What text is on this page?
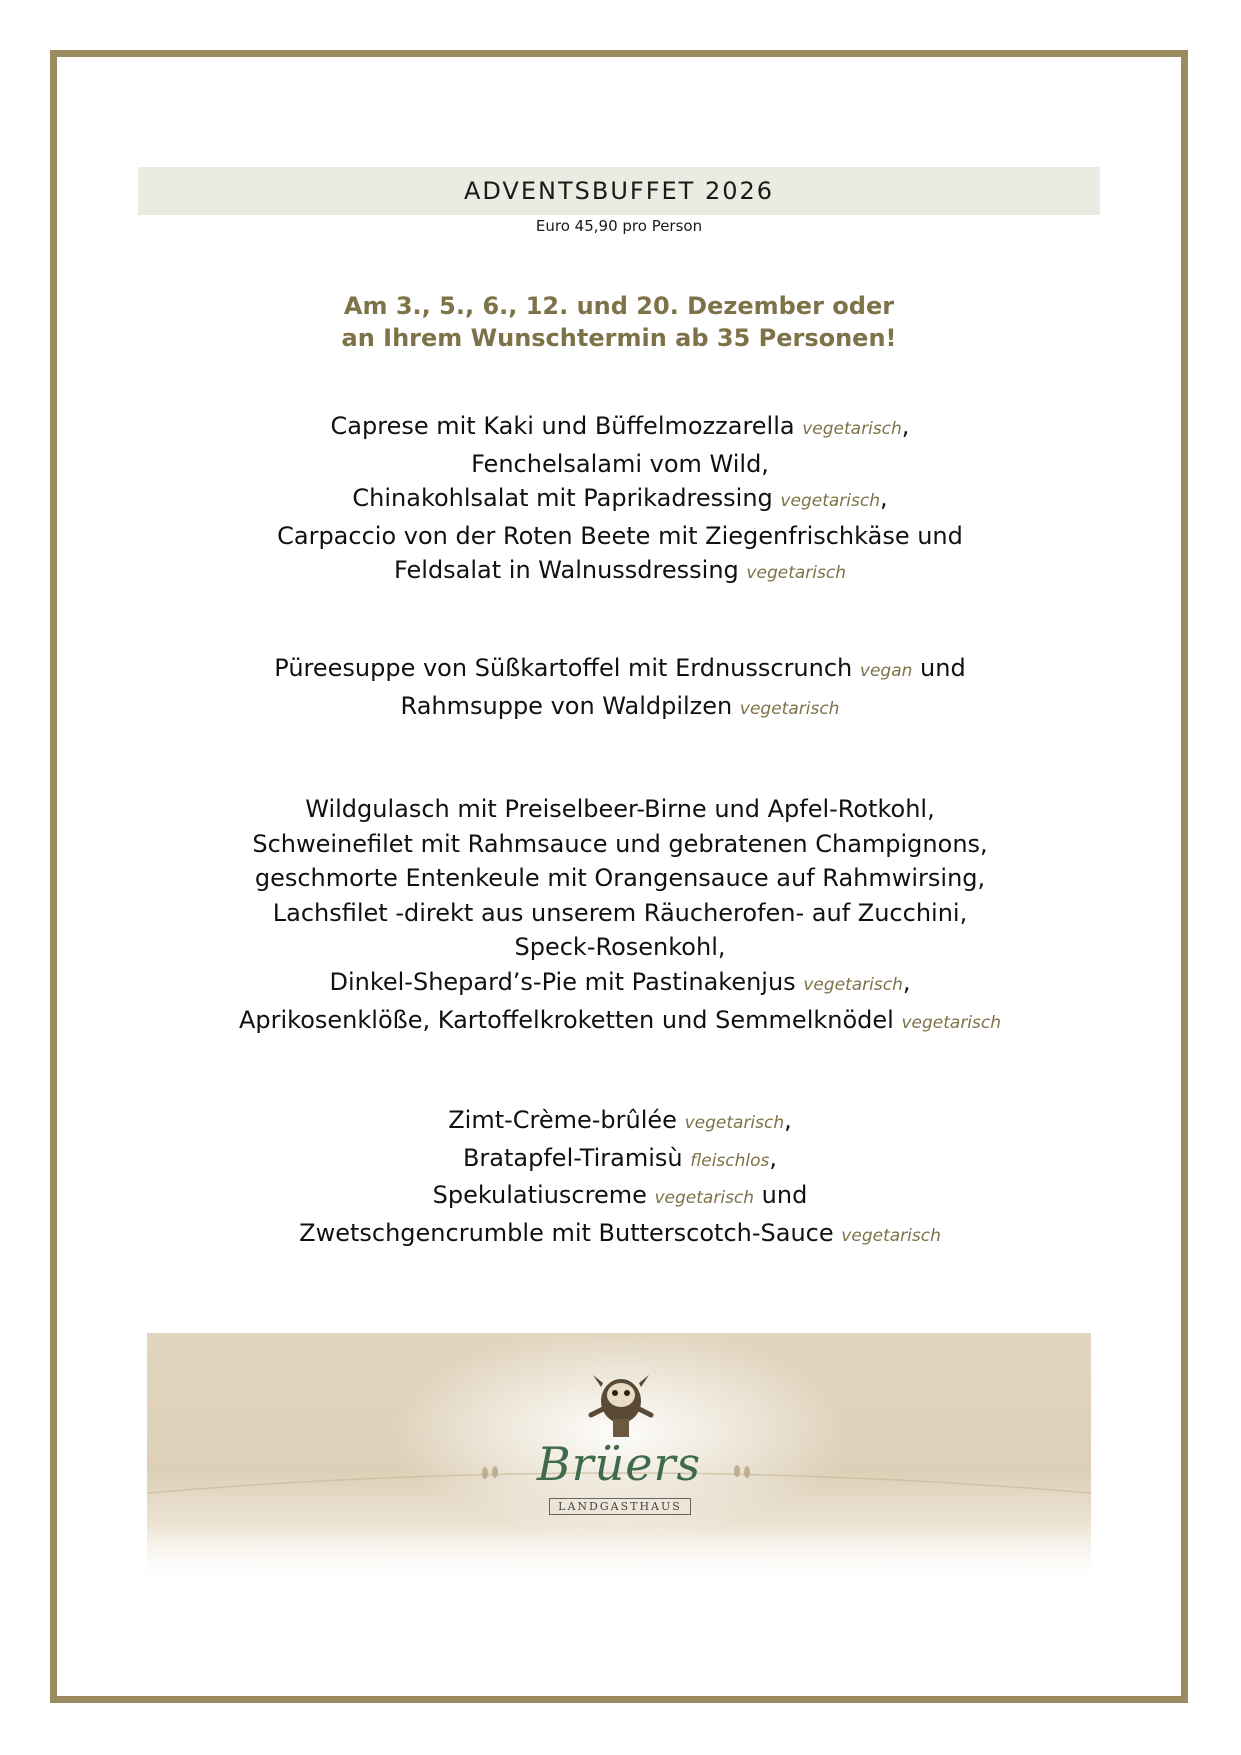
ADVENTSBUFFET 2026
Euro 45,90 pro Person
Am 3., 5., 6., 12. und 20. Dezember oder
an Ihrem Wunschtermin ab 35 Personen!
Caprese mit Kaki und Büffelmozzarella vegetarisch,
Fenchelsalami vom Wild,
Chinakohlsalat mit Paprikadressing vegetarisch,
Carpaccio von der Roten Beete mit Ziegenfrischkäse und
Feldsalat in Walnussdressing vegetarisch
Püreesuppe von Süßkartoffel mit Erdnusscrunch vegan und
Rahmsuppe von Waldpilzen vegetarisch
Wildgulasch mit Preiselbeer-Birne und Apfel-Rotkohl,
Schweinefilet mit Rahmsauce und gebratenen Champignons,
geschmorte Entenkeule mit Orangensauce auf Rahmwirsing,
Lachsfilet -direkt aus unserem Räucherofen- auf Zucchini,
Speck-Rosenkohl,
Dinkel-Shepard’s-Pie mit Pastinakenjus vegetarisch,
Aprikosenklöße, Kartoffelkroketten und Semmelknödel vegetarisch
Zimt-Crème-brûlée vegetarisch,
Bratapfel-Tiramisù fleischlos,
Spekulatiuscreme vegetarisch und
Zwetschgencrumble mit Butterscotch-Sauce vegetarisch
Brüers
LANDGASTHAUS
